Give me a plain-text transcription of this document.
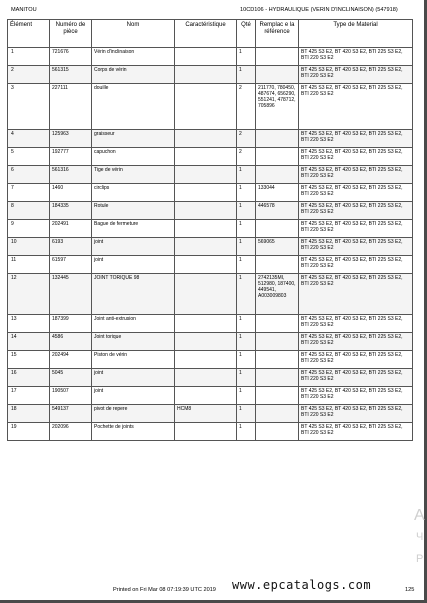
MANITOU	10CD106 - HYDRAULIQUE (VERIN D'INCLINAISON) (547918)
Élément	Numéro de pièce	Nom	Caractéristique	Qté	Remplac e la référence	Type de Material
1	721676	Vérin d'inclinaison		1		BT 425 S3 E2, BT 420 S3 E2, BTI 225 S3 E2, BTI 220 S3 E2
2	561315	Corps de vérin		1		BT 425 S3 E2, BT 420 S3 E2, BTI 225 S3 E2, BTI 220 S3 E2
3	227111	douille		2	211770, 780450, 487674, 656290, 551241, 478712, 705896	BT 425 S3 E2, BT 420 S3 E2, BTI 225 S3 E2, BTI 220 S3 E2
4	125963	graisseur		2		BT 425 S3 E2, BT 420 S3 E2, BTI 225 S3 E2, BTI 220 S3 E2
5	192777	capuchon		2		BT 425 S3 E2, BT 420 S3 E2, BTI 225 S3 E2, BTI 220 S3 E2
6	561316	Tige de vérin		1		BT 425 S3 E2, BT 420 S3 E2, BTI 225 S3 E2, BTI 220 S3 E2
7	1460	circlips		1	133044	BT 425 S3 E2, BT 420 S3 E2, BTI 225 S3 E2, BTI 220 S3 E2
8	184335	Rotule		1	446578	BT 425 S3 E2, BT 420 S3 E2, BTI 225 S3 E2, BTI 220 S3 E2
9	202491	Bague de fermeture		1		BT 425 S3 E2, BT 420 S3 E2, BTI 225 S3 E2, BTI 220 S3 E2
10	6193	joint		1	569065	BT 425 S3 E2, BT 420 S3 E2, BTI 225 S3 E2, BTI 220 S3 E2
11	61597	joint		1		BT 425 S3 E2, BT 420 S3 E2, BTI 225 S3 E2, BTI 220 S3 E2
12	132445	JOINT TORIQUE 98		1	2742135MI, 512980, 187400, 449541, A003009803	BT 425 S3 E2, BT 420 S3 E2, BTI 225 S3 E2, BTI 220 S3 E2
13	187399	Joint anti-extrusion		1		BT 425 S3 E2, BT 420 S3 E2, BTI 225 S3 E2, BTI 220 S3 E2
14	4586	Joint torique		1		BT 425 S3 E2, BT 420 S3 E2, BTI 225 S3 E2, BTI 220 S3 E2
15	202494	Piston de vérin		1		BT 425 S3 E2, BT 420 S3 E2, BTI 225 S3 E2, BTI 220 S3 E2
16	5045	joint		1		BT 425 S3 E2, BT 420 S3 E2, BTI 225 S3 E2, BTI 220 S3 E2
17	190507	joint		1		BT 425 S3 E2, BT 420 S3 E2, BTI 225 S3 E2, BTI 220 S3 E2
18	549137	pivot de repere	HCM8	1		BT 425 S3 E2, BT 420 S3 E2, BTI 225 S3 E2, BTI 220 S3 E2
19	202096	Pochette de joints		1		BT 425 S3 E2, BT 420 S3 E2, BTI 225 S3 E2, BTI 220 S3 E2
Printed on Fri Mar 08 07:19:39 UTC 2019	125
www.epcatalogs.com
А
Ч
Р
